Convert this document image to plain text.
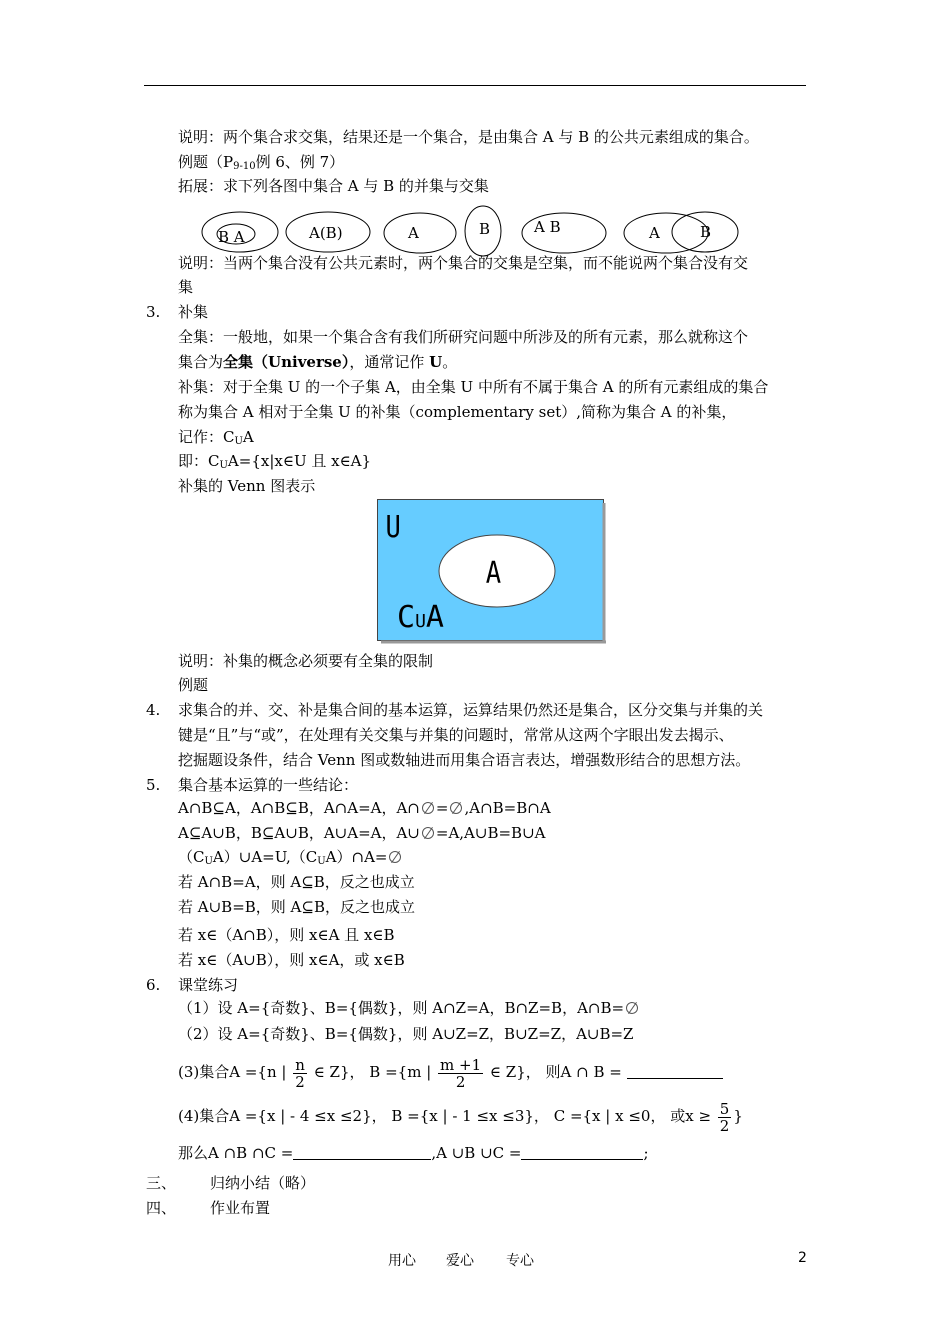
说明：两个集合求交集，结果还是一个集合，是由集合 A 与 B 的公共元素组成的集合。
例题（$P_{9-10}$例 6、例 7）
拓展：求下列各图中集合 A 与 B 的并集与交集
B A	A(B)	A	B	A B	A	B
说明：当两个集合没有公共元素时，两个集合的交集是空集，而不能说两个集合没有交
集
3. 补集
全集：一般地，如果一个集合含有我们所研究问题中所涉及的所有元素，那么就称这个
集合为全集（Universe），通常记作 U。
补集：对于全集 U 的一个子集 A，由全集 U 中所有不属于集合 A 的所有元素组成的集合
称为集合 A 相对于全集 U 的补集（complementary set）,简称为集合 A 的补集，
记作：$C_UA$
即：$C_UA=\{x|x\in U$ 且 x∈A}
补集的 Venn 图表示
U
A
CUA
说明：补集的概念必须要有全集的限制
例题
4. 求集合的并、交、补是集合间的基本运算，运算结果仍然还是集合，区分交集与并集的关
键是“且”与“或”，在处理有关交集与并集的问题时，常常从这两个字眼出发去揭示、
挖掘题设条件，结合 Venn 图或数轴进而用集合语言表达，增强数形结合的思想方法。
5. 集合基本运算的一些结论：
A∩B⊆A，A∩B⊆B，A∩A=A，A∩ = ,A∩B=B∩A
A⊆A∪B，B⊆A∪B，A∪A=A，A∪ =A,A∪B=B∪A
$(C_UA)\cup A=U,(C_UA)\cap A=$
若 A∩B=A，则 A⊆B，反之也成立
若 A∪B=B，则 A⊆B，反之也成立
若 x∈（A∩B），则 x∈A 且 x∈B
若 x∈（A∪B），则 x∈A，或 x∈B
6. 课堂练习
（1）设 A={奇数}、B={偶数}，则 A∩Z=A，B∩Z=B，A∩B=
（2）设 A={奇数}、B={偶数}，则 A∪Z=Z，B∪Z=Z，A∪B=Z
(3)集合A ={n | $\frac{n}{2}$ ∈ Z}， B ={m | $\frac{m +1}{2}$ ∈ Z}， 则A ∩ B =
(4)集合A ={x | - 4 ≤x ≤2}， B ={x | - 1 ≤x ≤3}， C ={x | x ≤0， 或$x \ge \frac{5}{2}$ }
那么A ∩B ∩C =	,A ∪B ∪C =	;
三、 归纳小结（略）
四、 作业布置
用心 爱心 专心	2
